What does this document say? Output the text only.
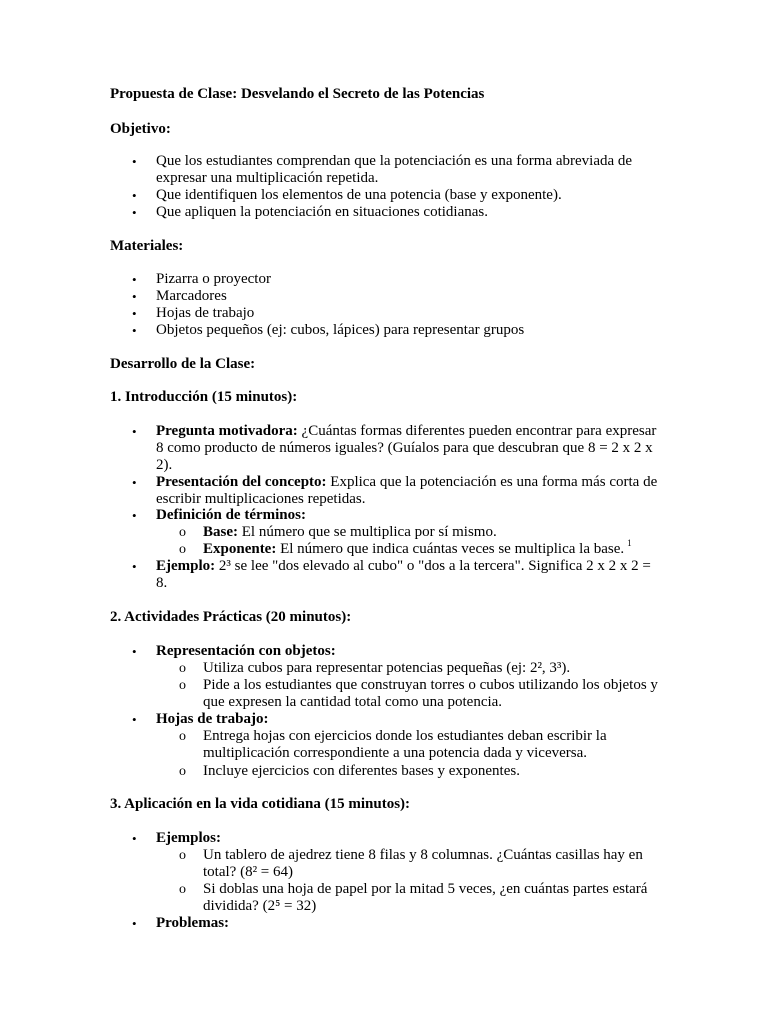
Propuesta de Clase: Desvelando el Secreto de las Potencias
Objetivo:
• Que los estudiantes comprendan que la potenciación es una forma abreviada de expresar una multiplicación repetida.
• Que identifiquen los elementos de una potencia (base y exponente).
• Que apliquen la potenciación en situaciones cotidianas.
Materiales:
• Pizarra o proyector
• Marcadores
• Hojas de trabajo
• Objetos pequeños (ej: cubos, lápices) para representar grupos
Desarrollo de la Clase:
1. Introducción (15 minutos):
• Pregunta motivadora: ¿Cuántas formas diferentes pueden encontrar para expresar 8 como producto de números iguales? (Guíalos para que descubran que 8 = 2 x 2 x 2).
• Presentación del concepto: Explica que la potenciación es una forma más corta de escribir multiplicaciones repetidas.
• Definición de términos:
o Base: El número que se multiplica por sí mismo.
o Exponente: El número que indica cuántas veces se multiplica la base. $^1$
• Ejemplo: 2³ se lee "dos elevado al cubo" o "dos a la tercera". Significa 2 x 2 x 2 = 8.
2. Actividades Prácticas (20 minutos):
• Representación con objetos:
o Utiliza cubos para representar potencias pequeñas (ej: 2², 3³).
o Pide a los estudiantes que construyan torres o cubos utilizando los objetos y que expresen la cantidad total como una potencia.
• Hojas de trabajo:
o Entrega hojas con ejercicios donde los estudiantes deban escribir la multiplicación correspondiente a una potencia dada y viceversa.
o Incluye ejercicios con diferentes bases y exponentes.
3. Aplicación en la vida cotidiana (15 minutos):
• Ejemplos:
o Un tablero de ajedrez tiene 8 filas y 8 columnas. ¿Cuántas casillas hay en total? (8² = 64)
o Si doblas una hoja de papel por la mitad 5 veces, ¿en cuántas partes estará dividida? (2⁵ = 32)
• Problemas:
